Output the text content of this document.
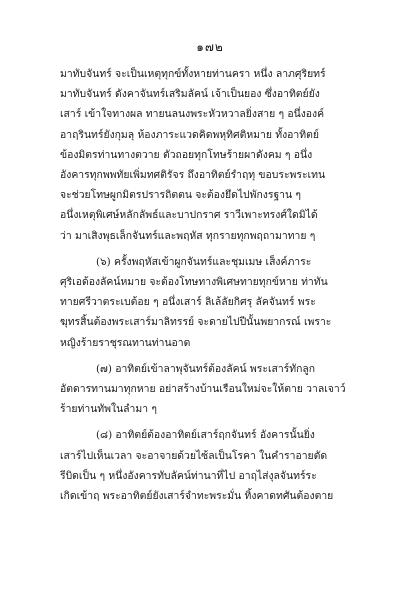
๑๗๒
มาทับจันทร์ จะเป็นเหตุทุกข์ทั้งหายท่านครา หนึ่ง ลาภศุริยทร์
มาทับจันทร์ ดังคาจันทร์เสริมลัคน์ เจ้าเป็นยอง ซึ่งอาทิตย์ยัง
เสาร์ เข้าใจทางผล ทายนลนงพระหัวหวาลยิ่งสาย ๆ อนึ่งองค์
อาฤรินทร์ยังกุมลุ ห้องภาระแวดคิดพหุทิศติหมาย ทั้งอาทิตย์
ข้องมิตรท่านทางตวาย ตัวถอยทุกโทษร้ายผาดังคม ๆ อนึ่ง
อังคารทุกพพทัยเพิ่มทศติรัจร ถึงอาทิตย์รำฤทุ ขอบระพระเทน
จะช่วยโทษผูกมิตรปรารถิตตน จะต้องยึดไปพักงรฐาน ๆ
อนึ่งเหตุพิเศษ์หลักลัพธ์และบาปกราศ ราวีเพาะทรงศ์ใดมิได้
ว่า มาเสิงพุธเล็กจันทร์และพฤหัส ทุกรายทุกพฤถามาทาย ๆ
(๖) ครั้งพฤหัสเข้าผูกจันทร์และชุมเมษ เส็งค์ภาระ
ศุริเอด้องลัคน์หมาย จะต้องโทษทางพิเศษทายทุกข์หาย ท่าทัน
ทายศรีวาตระเบต้อย ๆ อนึ่งเสาร์ ลิเล้ลัยกิศรุ ลัคจันทร์ พระ
ฆุทรสิ้นต้องพระเสาร์มาลิทรรย์ จะดายไปปีนั้นพยากรณ์ เพราะ
หญิงร้ายราชุรณทานท่านอาด
(๗) อาทิตย์เข้าลาพุจันทร์ต้องลัคน์ พระเสาร์ทักลูก
อัตดารทานมาทุกหาย อย่าสร้างบ้านเรือนใหม่จะให้ตาย วาลเจาว์
ร้ายท่านทัพในลำมา ๆ
(๘) อาทิตย์ต้องอาทิตย์เสาร์ฤกจันทร์ อังคารนั้นยิ่ง
เสาร์ไปเห็นเวลา จะอาจายด้วยไซ้ลเป็นโรคา ในคำราอายตัด
รีบิดเป็น ๆ หนึ่งอังคารทับลัคน์ท่านาที่ไป อาฤไส่งุลจันทร์ระ
เกิดเข้าฤ พระอาทิตย์ยังเสาร์จำทะพระมั่น ทิ้งคาดทศันต้องตาย
